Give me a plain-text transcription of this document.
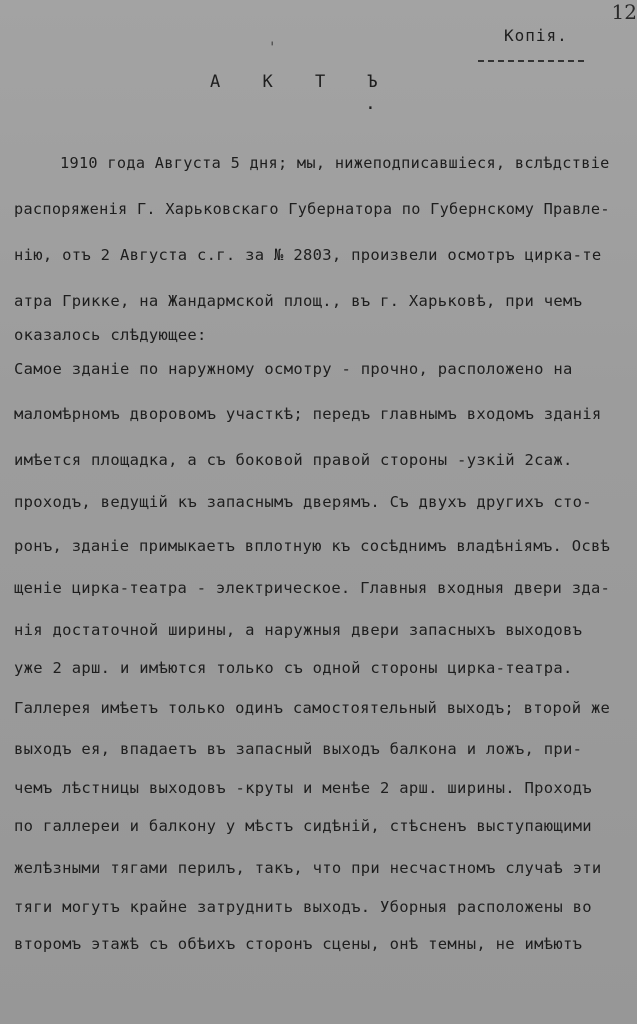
12
'
Копія.
А К Т Ъ
.
1910 года Августа 5 дня; мы, нижеподписавшіеся, вслѣдствіе
распоряженія Г. Харьковскаго Губернатора по Губернскому Правле-
нію, отъ 2 Августа с.г. за № 2803, произвели осмотръ цирка-те
атра Грикке, на Жандармской площ., въ г. Харьковѣ, при чемъ
оказалось слѣдующее:
Самое зданіе по наружному осмотру - прочно, расположено на
маломѣрномъ дворовомъ участкѣ; передъ главнымъ входомъ зданія
имѣется площадка, а съ боковой правой стороны -узкій 2саж.
проходъ, ведущій къ запаснымъ дверямъ. Съ двухъ другихъ сто-
ронъ, зданіе примыкаетъ вплотную къ сосѣднимъ владѣніямъ. Освѣ
щеніе цирка-театра - электрическое. Главныя входныя двери зда-
нія достаточной ширины, а наружныя двери запасныхъ выходовъ
уже 2 арш. и имѣются только съ одной стороны цирка-театра.
Галлерея имѣетъ только одинъ самостоятельный выходъ; второй же
выходъ ея, впадаетъ въ запасный выходъ балкона и ложъ, при-
чемъ лѣстницы выходовъ -круты и менѣе 2 арш. ширины. Проходъ
по галлереи и балкону у мѣстъ сидѣній, стѣсненъ выступающими
желѣзными тягами перилъ, такъ, что при несчастномъ случаѣ эти
тяги могутъ крайне затруднить выходъ. Уборныя расположены во
второмъ этажѣ съ обѣихъ сторонъ сцены, онѣ темны, не имѣютъ
